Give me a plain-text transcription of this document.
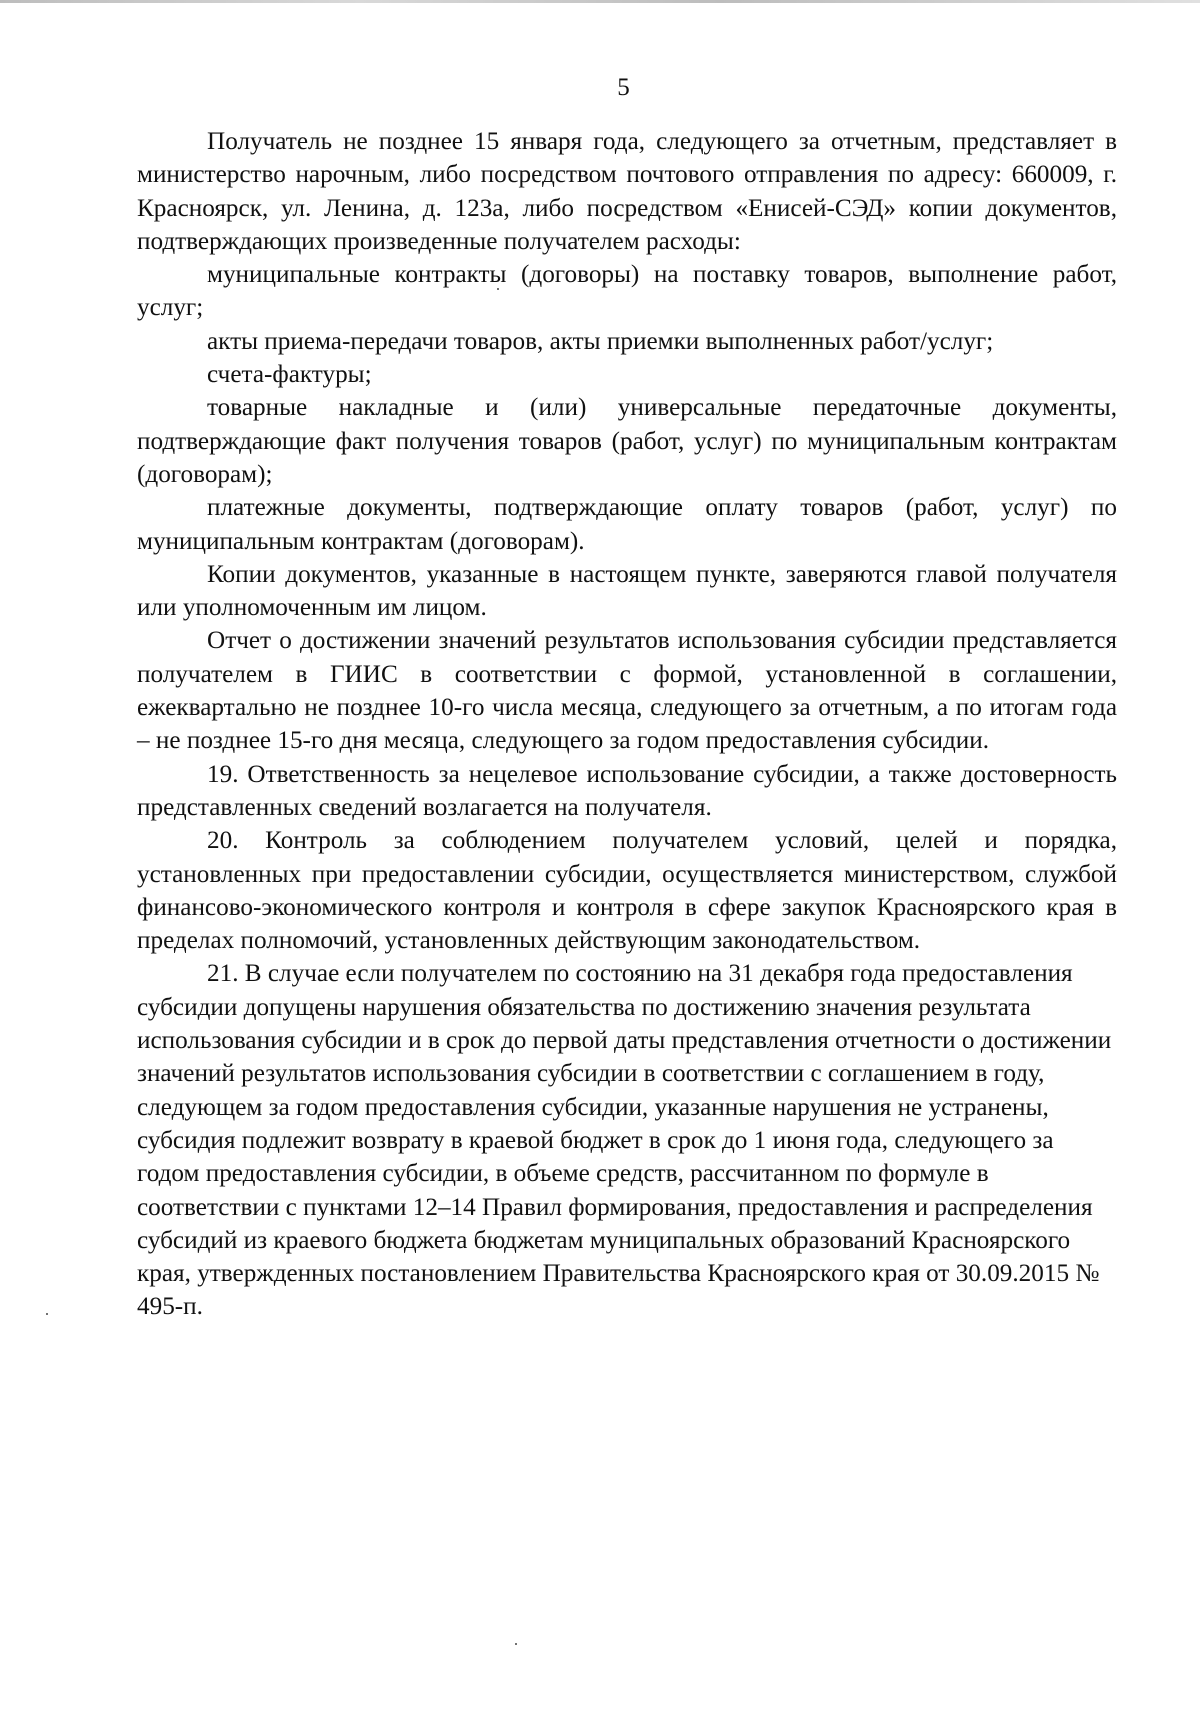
5

Получатель не позднее 15 января года, следующего за отчетным, представляет в министерство нарочным, либо посредством почтового отправления по адресу: 660009, г. Красноярск, ул. Ленина, д. 123а, либо посредством «Енисей-СЭД» копии документов, подтверждающих произведенные получателем расходы:

муниципальные контракты (договоры) на поставку товаров, выполнение работ, услуг;

акты приема-передачи товаров, акты приемки выполненных работ/услуг;

счета-фактуры;

товарные накладные и (или) универсальные передаточные документы, подтверждающие факт получения товаров (работ, услуг) по муниципальным контрактам (договорам);

платежные документы, подтверждающие оплату товаров (работ, услуг) по муниципальным контрактам (договорам).

Копии документов, указанные в настоящем пункте, заверяются главой получателя или уполномоченным им лицом.

Отчет о достижении значений результатов использования субсидии представляется получателем в ГИИС в соответствии с формой, установленной в соглашении, ежеквартально не позднее 10-го числа месяца, следующего за отчетным, а по итогам года – не позднее 15-го дня месяца, следующего за годом предоставления субсидии.

19. Ответственность за нецелевое использование субсидии, а также достоверность представленных сведений возлагается на получателя.

20. Контроль за соблюдением получателем условий, целей и порядка, установленных при предоставлении субсидии, осуществляется министерством, службой финансово-экономического контроля и контроля в сфере закупок Красноярского края в пределах полномочий, установленных действующим законодательством.

21. В случае если получателем по состоянию на 31 декабря года предоставления субсидии допущены нарушения обязательства по достижению значения результата использования субсидии и в срок до первой даты представления отчетности о достижении значений результатов использования субсидии в соответствии с соглашением в году, следующем за годом предоставления субсидии, указанные нарушения не устранены, субсидия подлежит возврату в краевой бюджет в срок до 1 июня года, следующего за годом предоставления субсидии, в объеме средств, рассчитанном по формуле в соответствии с пунктами 12–14 Правил формирования, предоставления и распределения субсидий из краевого бюджета бюджетам муниципальных образований Красноярского края, утвержденных постановлением Правительства Красноярского края от 30.09.2015 № 495-п.
